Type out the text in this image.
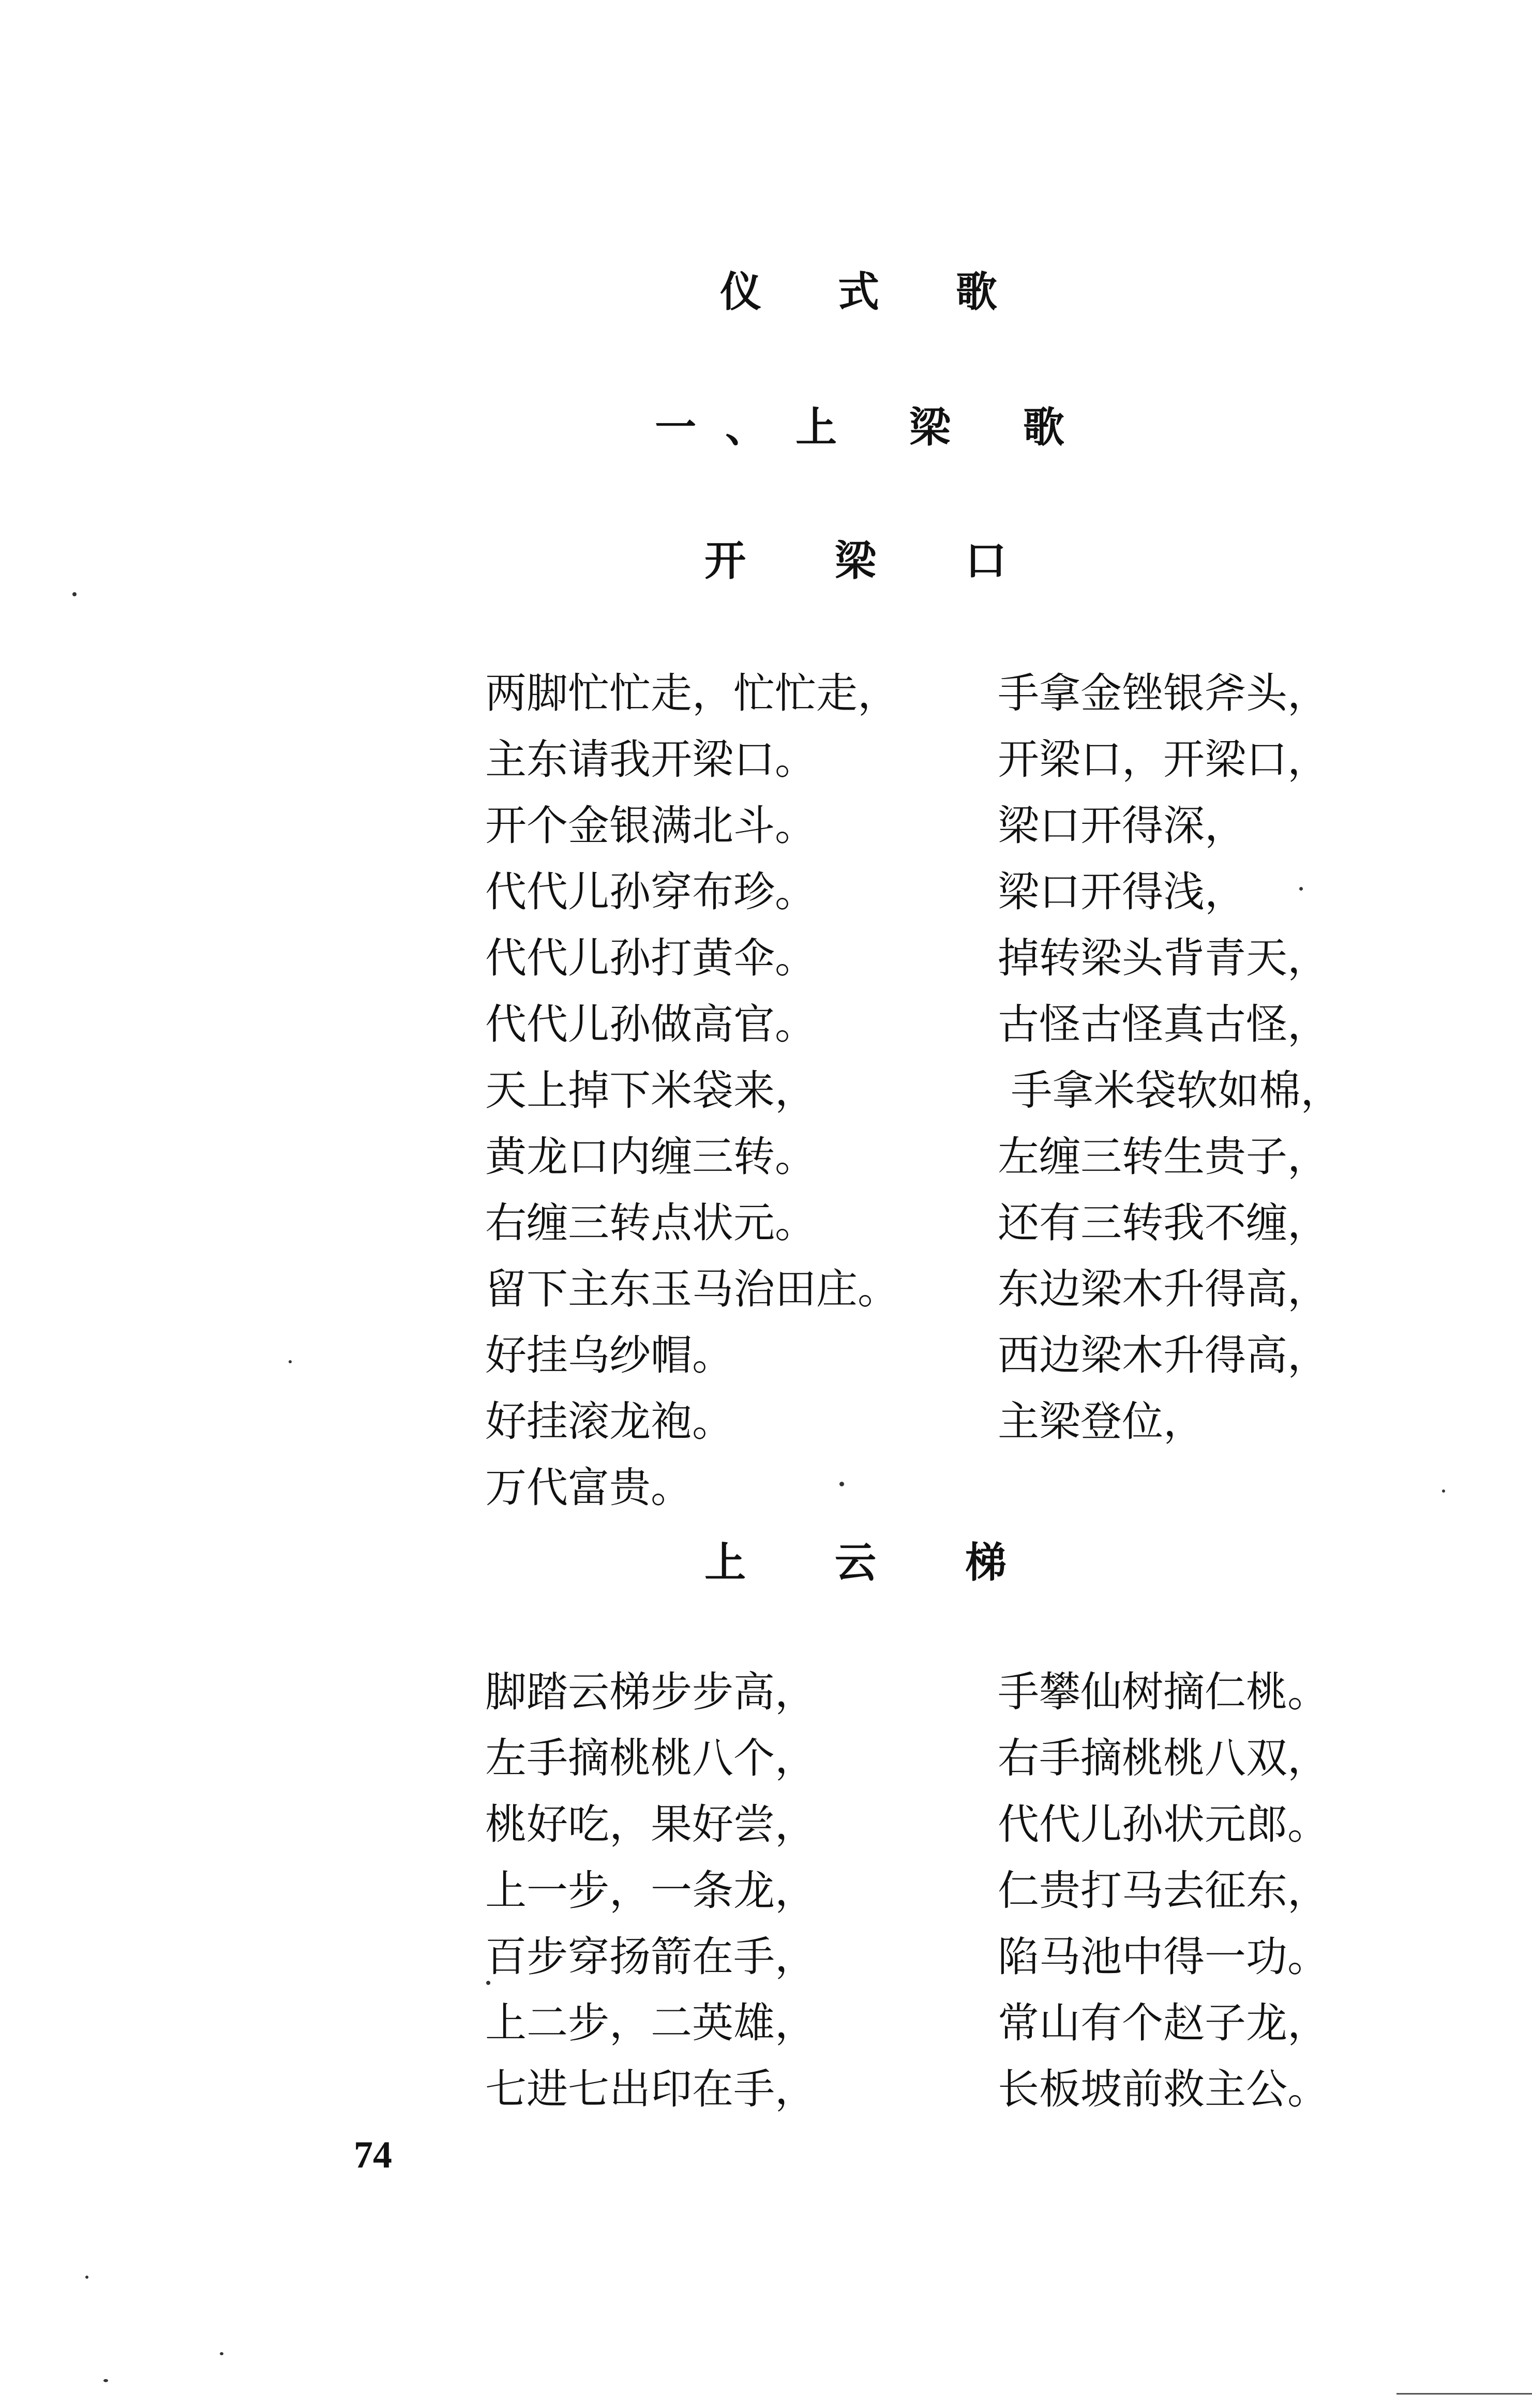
仪 式 歌
一、上 梁 歌
开 梁 口
两脚忙忙走，忙忙走，
主东请我开梁口。
开个金银满北斗。
代代儿孙穿布珍。
代代儿孙打黄伞。
代代儿孙做高官。
天上掉下米袋来，
黄龙口内缠三转。
右缠三转点状元。
留下主东玉马治田庄。
好挂乌纱帽。
好挂滚龙袍。
万代富贵。
手拿金锉银斧头，
开梁口，开梁口，
梁口开得深，
梁口开得浅，
掉转梁头背青天，
古怪古怪真古怪，
手拿米袋软如棉，
左缠三转生贵子，
还有三转我不缠，
东边梁木升得高，
西边梁木升得高，
主梁登位，
上 云 梯
脚踏云梯步步高，
左手摘桃桃八个，
桃好吃，果好尝，
上一步，一条龙，
百步穿扬箭在手，
上二步，二英雄，
七进七出印在手，
手攀仙树摘仁桃。
右手摘桃桃八双，
代代儿孙状元郎。
仁贵打马去征东，
陷马池中得一功。
常山有个赵子龙，
长板坡前救主公。
74
